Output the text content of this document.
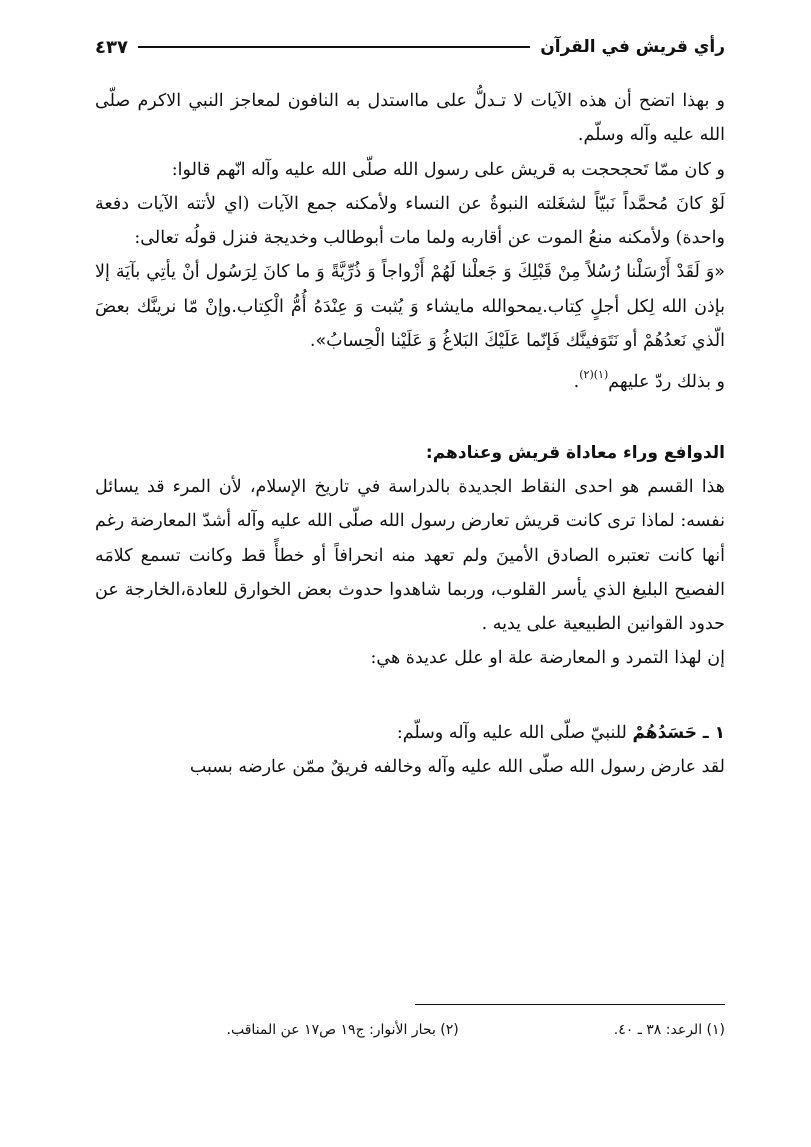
رأي قريش في القرآن
٤٣٧

و بهذا اتضح أن هذه الآيات لا تـدلُّ على مااستدل به النافون لمعاجز النبي الاكرم صلّى الله عليه وآله وسلّم.

و كان ممّا تَحجحجت به قريش على رسول الله صلّى الله عليه وآله انّهم قالوا:

لَوْ كانَ مُحمَّداً نَبيّاً لشغَلته النبوةُ عن النساء ولأمكنه جمع الآيات (اي لأتته الآيات دفعة واحدة) ولأمكنه منعُ الموت عن أقاربه ولما مات أبوطالب وخديجة فنزل قولُه تعالى:

«وَ لَقَدْ أَرْسَلْنا رُسُلاً مِنْ قَبْلِكَ وَ جَعلْنا لَهُمْ أَزْواجاً وَ ذُرِّيَّةً وَ ما كانَ لِرَسُول أنْ يأتِي بآيَة إلا بإذن الله لِكل أجلٍ كِتاب.يمحوالله مايشاء وَ يُثبت وَ عِنْدَهُ أُمُّ الْكِتاب.وإنْ مّا نرينَّك بعضَ الّذي نَعدُهُمْ أو نَتَوَفينَّك فَإنّما عَلَيْكَ البَلاغُ وَ عَلَيْنا الْحِسابُ».

و بذلك ردّ عليهم$^{(١)(٢)}$.

الدوافع وراء معاداة قريش وعنادهم:

هذا القسم هو احدى النقاط الجديدة بالدراسة في تاريخ الإسلام، لأن المرء قد يسائل نفسه: لماذا ترى كانت قريش تعارض رسول الله صلّى الله عليه وآله أشدّ المعارضة رغم أنها كانت تعتبره الصادق الأمينَ ولم تعهد منه انحرافاً أو خطأً قط وكانت تسمع كلامَه الفصيح البليغ الذي يأسر القلوب، وربما شاهدوا حدوث بعض الخوارق للعادة،الخارجة عن حدود القوانين الطبيعية على يديه .

إن لهذا التمرد و المعارضة علة او علل عديدة هي:

١ ـ حَسَدُهُمْ للنبيّ صلّى الله عليه وآله وسلّم:

لقد عارض رسول الله صلّى الله عليه وآله وخالفه فريقٌ ممّن عارضه بسبب

(١) الرعد: ٣٨ ـ ٤٠.
(٢) بحار الأنوار: ج١٩ ص١٧ عن المناقب.
